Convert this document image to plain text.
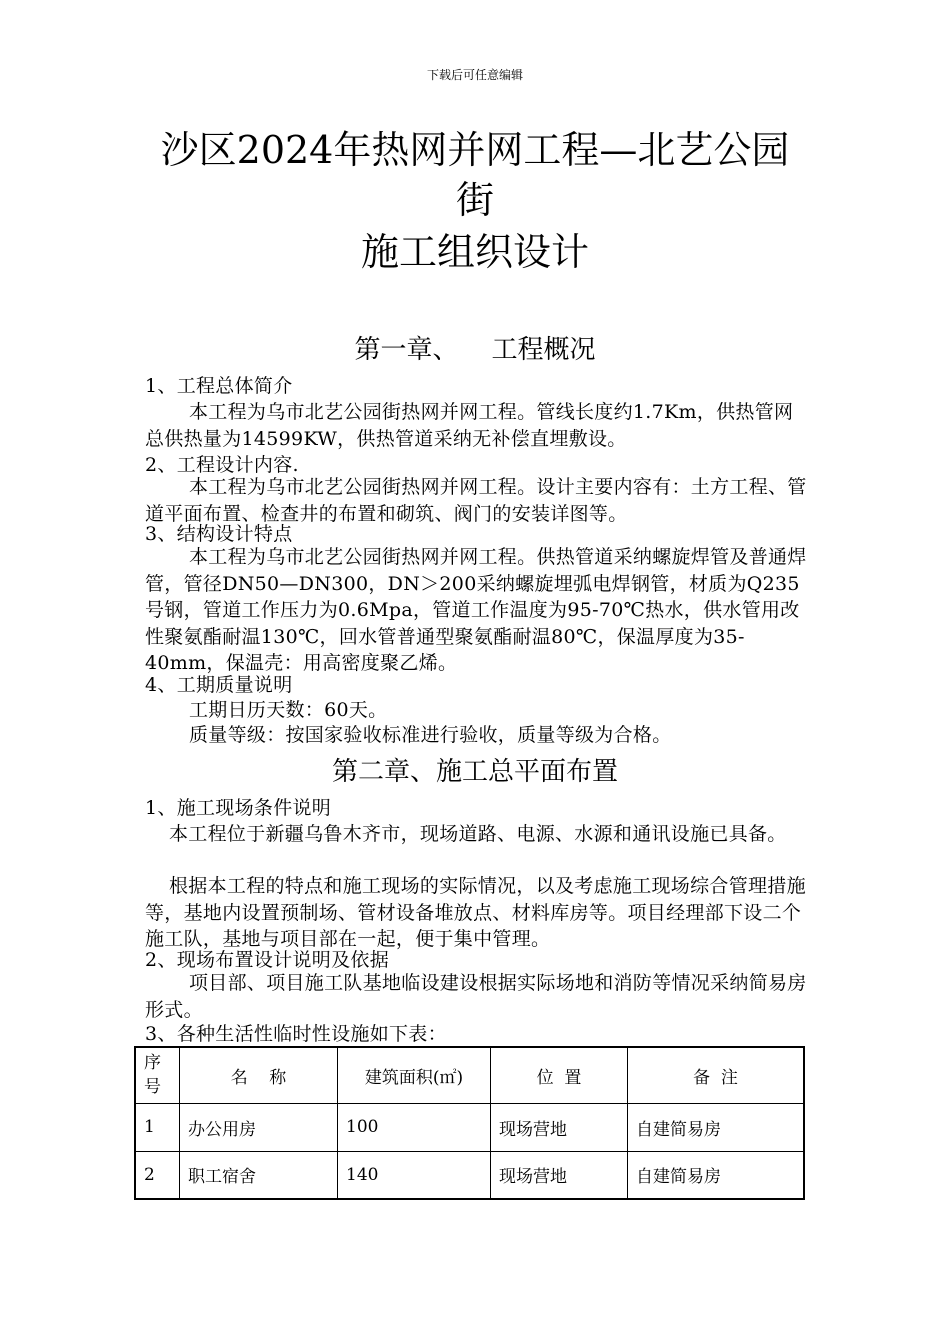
下载后可任意编辑
沙区2024年热网并网工程—北艺公园
街
施工组织设计
第一章、    工程概况
1、工程总体简介
本工程为乌市北艺公园街热网并网工程。管线长度约1.7Km，供热管网总供热量为14599KW，供热管道采纳无补偿直埋敷设。
2、工程设计内容.
本工程为乌市北艺公园街热网并网工程。设计主要内容有：土方工程、管道平面布置、检查井的布置和砌筑、阀门的安装详图等。
3、结构设计特点
本工程为乌市北艺公园街热网并网工程。供热管道采纳螺旋焊管及普通焊管，管径DN50—DN300，DN＞200采纳螺旋埋弧电焊钢管，材质为Q235号钢，管道工作压力为0.6Mpa，管道工作温度为95-70℃热水，供水管用改性聚氨酯耐温130℃，回水管普通型聚氨酯耐温80℃，保温厚度为35-40mm，保温壳：用高密度聚乙烯。
4、工期质量说明
工期日历天数：60天。
质量等级：按国家验收标准进行验收，质量等级为合格。
第二章、施工总平面布置
1、施工现场条件说明
本工程位于新疆乌鲁木齐市，现场道路、电源、水源和通讯设施已具备。
根据本工程的特点和施工现场的实际情况，以及考虑施工现场综合管理措施等，基地内设置预制场、管材设备堆放点、材料库房等。项目经理部下设二个施工队，基地与项目部在一起，便于集中管理。
2、现场布置设计说明及依据
项目部、项目施工队基地临设建设根据实际场地和消防等情况采纳简易房形式。
3、各种生活性临时性设施如下表：
序号	名    称	建筑面积(㎡)	位  置	备  注
1	办公用房	100	现场营地	自建简易房
2	职工宿舍	140	现场营地	自建简易房
